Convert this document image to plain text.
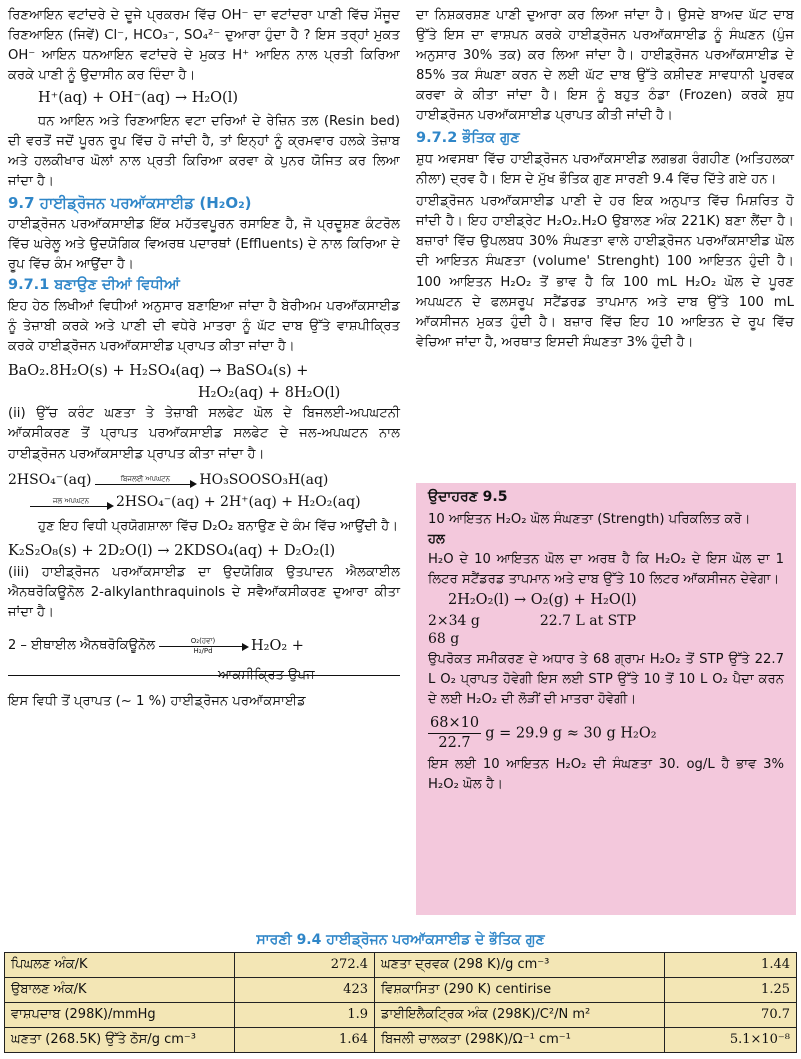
ਰਿਣਆਇਨ ਵਟਾਂਦਰੇ ਦੇ ਦੂਜੇ ਪ੍ਰਕਰਮ ਵਿੱਚ OH⁻ ਦਾ ਵਟਾਂਦਰਾ ਪਾਣੀ ਵਿੱਚ ਮੌਜੂਦ ਰਿਣਆਇਨ (ਜਿਵੇਂ) Cl⁻, HCO₃⁻, SO₄²⁻ ਦੁਆਰਾ ਹੁੰਦਾ ਹੈ ? ਇਸ ਤਰ੍ਹਾਂ ਮੁਕਤ OH⁻ ਆਇਨ ਧਨਆਇਨ ਵਟਾਂਦਰੇ ਦੇ ਮੁਕਤ H⁺ ਆਇਨ ਨਾਲ ਪ੍ਰਤੀ ਕਿਰਿਆ ਕਰਕੇ ਪਾਣੀ ਨੂੰ ਉਦਾਸੀਨ ਕਰ ਦਿੰਦਾ ਹੈ।

H⁺(aq) + OH⁻(aq) → H₂O(l)

ਧਨ ਆਇਨ ਅਤੇ ਰਿਣਆਇਨ ਵਟਾ ਦਰਿਆਂ ਦੇ ਰੇਜ਼ਿਨ ਤਲ (Resin bed) ਦੀ ਵਰਤੋਂ ਜਦੋਂ ਪੂਰਨ ਰੂਪ ਵਿੱਚ ਹੋ ਜਾਂਦੀ ਹੈ, ਤਾਂ ਇਨ੍ਹਾਂ ਨੂੰ ਕ੍ਰਮਵਾਰ ਹਲਕੇ ਤੇਜ਼ਾਬ ਅਤੇ ਹਲਕੀਖਾਰ ਘੋਲਾਂ ਨਾਲ ਪ੍ਰਤੀ ਕਿਰਿਆ ਕਰਵਾ ਕੇ ਪੁਨਰ ਯੋਜਿਤ ਕਰ ਲਿਆ ਜਾਂਦਾ ਹੈ।

9.7 ਹਾਈਡ੍ਰੋਜਨ ਪਰਆੱਕਸਾਈਡ (H₂O₂)

ਹਾਈਡ੍ਰੋਜਨ ਪਰਆੱਕਸਾਈਡ ਇੱਕ ਮਹੱਤਵਪੂਰਨ ਰਸਾਇਣ ਹੈ, ਜੋ ਪ੍ਰਦੂਸ਼ਣ ਕੰਟਰੋਲ ਵਿੱਚ ਘਰੇਲੂ ਅਤੇ ਉਦਯੋਗਿਕ ਵਿਅਰਥ ਪਦਾਰਥਾਂ (Effluents) ਦੇ ਨਾਲ ਕਿਰਿਆ ਦੇ ਰੂਪ ਵਿੱਚ ਕੰਮ ਆਉਂਦਾ ਹੈ।

9.7.1 ਬਣਾਉਣ ਦੀਆਂ ਵਿਧੀਆਂ

ਇਹ ਹੇਠ ਲਿਖੀਆਂ ਵਿਧੀਆਂ ਅਨੁਸਾਰ ਬਣਾਇਆ ਜਾਂਦਾ ਹੈ ਬੇਰੀਅਮ ਪਰਆੱਕਸਾਈਡ ਨੂੰ ਤੇਜ਼ਾਬੀ ਕਰਕੇ ਅਤੇ ਪਾਣੀ ਦੀ ਵਧੇਰੇ ਮਾਤਰਾ ਨੂੰ ਘੱਟ ਦਾਬ ਉੱਤੇ ਵਾਸ਼ਪੀਕ੍ਰਿਤ ਕਰਕੇ ਹਾਈਡ੍ਰੋਜਨ ਪਰਆੱਕਸਾਈਡ ਪ੍ਰਾਪਤ ਕੀਤਾ ਜਾਂਦਾ ਹੈ।

BaO₂.8H₂O(s) + H₂SO₄(aq) → BaSO₄(s) +
H₂O₂(aq) + 8H₂O(l)

(ii) ਉੱਚ ਕਰੰਟ ਘਣਤਾ ਤੇ ਤੇਜ਼ਾਬੀ ਸਲਫੇਟ ਘੋਲ ਦੇ ਬਿਜਲਈ-ਅਪਘਟਨੀ ਆੱਕਸੀਕਰਣ ਤੋਂ ਪ੍ਰਾਪਤ ਪਰਆੱਕਸਾਈਡ ਸਲਫੇਟ ਦੇ ਜਲ-ਅਪਘਟਨ ਨਾਲ ਹਾਈਡ੍ਰੋਜਨ ਪਰਆੱਕਸਾਈਡ ਪ੍ਰਾਪਤ ਕੀਤਾ ਜਾਂਦਾ ਹੈ।

2HSO₄⁻(aq)	ਬਿਜਲਈ ਅਪਘਟਨ HO₃SOOSO₃H(aq)
ਜਲ ਅਪਘਟਨ 2HSO₄⁻(aq) + 2H⁺(aq) + H₂O₂(aq)

ਹੁਣ ਇਹ ਵਿਧੀ ਪ੍ਰਯੋਗਸ਼ਾਲਾ ਵਿੱਚ D₂O₂ ਬਨਾਉਣ ਦੇ ਕੰਮ ਵਿੱਚ ਆਉਂਦੀ ਹੈ।

K₂S₂O₈(s) + 2D₂O(l) → 2KDSO₄(aq) + D₂O₂(l)

(iii) ਹਾਈਡ੍ਰੋਜਨ ਪਰਆੱਕਸਾਈਡ ਦਾ ਉਦਯੋਗਿਕ ਉਤਪਾਦਨ ਐਲਕਾਈਲ ਐਨਥਰੋਕਿਊਨੋਲ 2-alkylanthraquinols ਦੇ ਸਵੈਆੱਕਸੀਕਰਣ ਦੁਆਰਾ ਕੀਤਾ ਜਾਂਦਾ ਹੈ।

2 – ਈਥਾਈਲ ਐਨਥਰੋਕਿਊਨੋਲ	O₂(ਹਵਾ)
H₂/Pd	H₂O₂ +
ਆਕਸੀਕ੍ਰਿਤ ਉਪਜ

ਇਸ ਵਿਧੀ ਤੋਂ ਪ੍ਰਾਪਤ (~ 1 %) ਹਾਈਡ੍ਰੋਜਨ ਪਰਆੱਕਸਾਈਡ

ਦਾ ਨਿਸ਼ਕਰਸ਼ਣ ਪਾਣੀ ਦੁਆਰਾ ਕਰ ਲਿਆ ਜਾਂਦਾ ਹੈ। ਉਸਦੇ ਬਾਅਦ ਘੱਟ ਦਾਬ ਉੱਤੇ ਇਸ ਦਾ ਵਾਸ਼ਪਨ ਕਰਕੇ ਹਾਈਡ੍ਰੋਜਨ ਪਰਆੱਕਸਾਈਡ ਨੂੰ ਸੰਘਣਨ (ਪੁੰਜ ਅਨੁਸਾਰ 30% ਤਕ) ਕਰ ਲਿਆ ਜਾਂਦਾ ਹੈ। ਹਾਈਡ੍ਰੋਜਨ ਪਰਆੱਕਸਾਈਡ ਦੇ 85% ਤਕ ਸੰਘਣਾ ਕਰਨ ਦੇ ਲਈ ਘੱਟ ਦਾਬ ਉੱਤੇ ਕਸ਼ੀਦਣ ਸਾਵਧਾਨੀ ਪੂਰਵਕ ਕਰਵਾ ਕੇ ਕੀਤਾ ਜਾਂਦਾ ਹੈ। ਇਸ ਨੂੰ ਬਹੁਤ ਠੰਡਾ (Frozen) ਕਰਕੇ ਸ਼ੁਧ ਹਾਈਡ੍ਰੋਜਨ ਪਰਆੱਕਸਾਈਡ ਪ੍ਰਾਪਤ ਕੀਤੀ ਜਾਂਦੀ ਹੈ।

9.7.2 ਭੌਤਿਕ ਗੁਣ

ਸ਼ੁਧ ਅਵਸਥਾ ਵਿੱਚ ਹਾਈਡ੍ਰੋਜਨ ਪਰਆੱਕਸਾਈਡ ਲਗਭਗ ਰੰਗਹੀਣ (ਅਤਿਹਲਕਾ ਨੀਲਾ) ਦ੍ਰਵ ਹੈ। ਇਸ ਦੇ ਮੁੱਖ ਭੌਤਿਕ ਗੁਣ ਸਾਰਣੀ 9.4 ਵਿੱਚ ਦਿੱਤੇ ਗਏ ਹਨ।

ਹਾਈਡ੍ਰੋਜਨ ਪਰਆੱਕਸਾਈਡ ਪਾਣੀ ਦੇ ਹਰ ਇਕ ਅਨੁਪਾਤ ਵਿੱਚ ਮਿਸ਼ਰਿਤ ਹੋ ਜਾਂਦੀ ਹੈ। ਇਹ ਹਾਈਡ੍ਰੇਟ H₂O₂.H₂O ਉਬਾਲਣ ਅੰਕ 221K) ਬਣਾ ਲੈਂਦਾ ਹੈ। ਬਜ਼ਾਰਾਂ ਵਿੱਚ ਉਪਲਬਧ 30% ਸੰਘਣਤਾ ਵਾਲੇ ਹਾਈਡ੍ਰੋਜਨ ਪਰਆੱਕਸਾਈਡ ਘੋਲ ਦੀ ਆਇਤਨ ਸੰਘਣਤਾ (volume' Strenght) 100 ਆਇਤਨ ਹੁੰਦੀ ਹੈ। 100 ਆਇਤਨ H₂O₂ ਤੋਂ ਭਾਵ ਹੈ ਕਿ 100 mL H₂O₂ ਘੋਲ ਦੇ ਪੂਰਣ ਅਪਘਟਨ ਦੇ ਫਲਸਰੂਪ ਸਟੈਂਡਰਡ ਤਾਪਮਾਨ ਅਤੇ ਦਾਬ ਉੱਤੇ 100 mL ਆੱਕਸੀਜਨ ਮੁਕਤ ਹੁੰਦੀ ਹੈ। ਬਜ਼ਾਰ ਵਿੱਚ ਇਹ 10 ਆਇਤਨ ਦੇ ਰੂਪ ਵਿੱਚ ਵੇਚਿਆ ਜਾਂਦਾ ਹੈ, ਅਰਥਾਤ ਇਸਦੀ ਸੰਘਣਤਾ 3% ਹੁੰਦੀ ਹੈ।

ਉਦਾਹਰਣ 9.5

10 ਆਇਤਨ H₂O₂ ਘੋਲ ਸੰਘਣਤਾ (Strength) ਪਰਿਕਲਿਤ ਕਰੋ।

ਹਲ

H₂O ਦੇ 10 ਆਇਤਨ ਘੋਲ ਦਾ ਅਰਥ ਹੈ ਕਿ H₂O₂ ਦੇ ਇਸ ਘੋਲ ਦਾ 1 ਲਿਟਰ ਸਟੈਂਡਰਡ ਤਾਪਮਾਨ ਅਤੇ ਦਾਬ ਉੱਤੇ 10 ਲਿਟਰ ਆੱਕਸੀਜਨ ਦੇਵੇਗਾ।

2H₂O₂(l) → O₂(g) + H₂O(l)
2×34 g	22.7 L at STP
68 g

ਉਪਰੋਕਤ ਸਮੀਕਰਣ ਦੇ ਅਧਾਰ ਤੇ 68 ਗ੍ਰਾਮ H₂O₂ ਤੋਂ STP ਉੱਤੇ 22.7 L O₂ ਪ੍ਰਾਪਤ ਹੋਵੇਗੀ ਇਸ ਲਈ STP ਉੱਤੇ 10 ਤੋਂ 10 L O₂ ਪੈਦਾ ਕਰਨ ਦੇ ਲਈ H₂O₂ ਦੀ ਲੋੜੀਂ ਦੀ ਮਾਤਰਾ ਹੋਵੇਗੀ।

$\frac{68\times 10}{22.7}$ g = 29.9 g ≈ 30 g H₂O₂

ਇਸ ਲਈ 10 ਆਇਤਨ H₂O₂ ਦੀ ਸੰਘਣਤਾ 30. og/L ਹੈ ਭਾਵ 3% H₂O₂ ਘੋਲ ਹੈ।

ਸਾਰਣੀ 9.4 ਹਾਈਡ੍ਰੋਜਨ ਪਰਆੱਕਸਾਈਡ ਦੇ ਭੌਤਿਕ ਗੁਣ
ਪਿਘਲਣ ਅੰਕ/K	272.4	ਘਣਤਾ ਦ੍ਰਵਕ (298 K)/g cm⁻³	1.44
ਉਬਾਲਣ ਅੰਕ/K	423	ਵਿਸ਼ਕਾਸਿਤਾ (290 K) centirise	1.25
ਵਾਸ਼ਪਦਾਬ (298K)/mmHg	1.9	ਡਾਈਇਲੈਕਟ੍ਰਿਕ ਅੰਕ (298K)/C²/N m²	70.7
ਘਣਤਾ (268.5K) ਉੱਤੇ ਠੋਸ/g cm⁻³	1.64	ਬਿਜਲੀ ਚਾਲਕਤਾ (298K)/Ω⁻¹ cm⁻¹	5.1×10⁻⁸
